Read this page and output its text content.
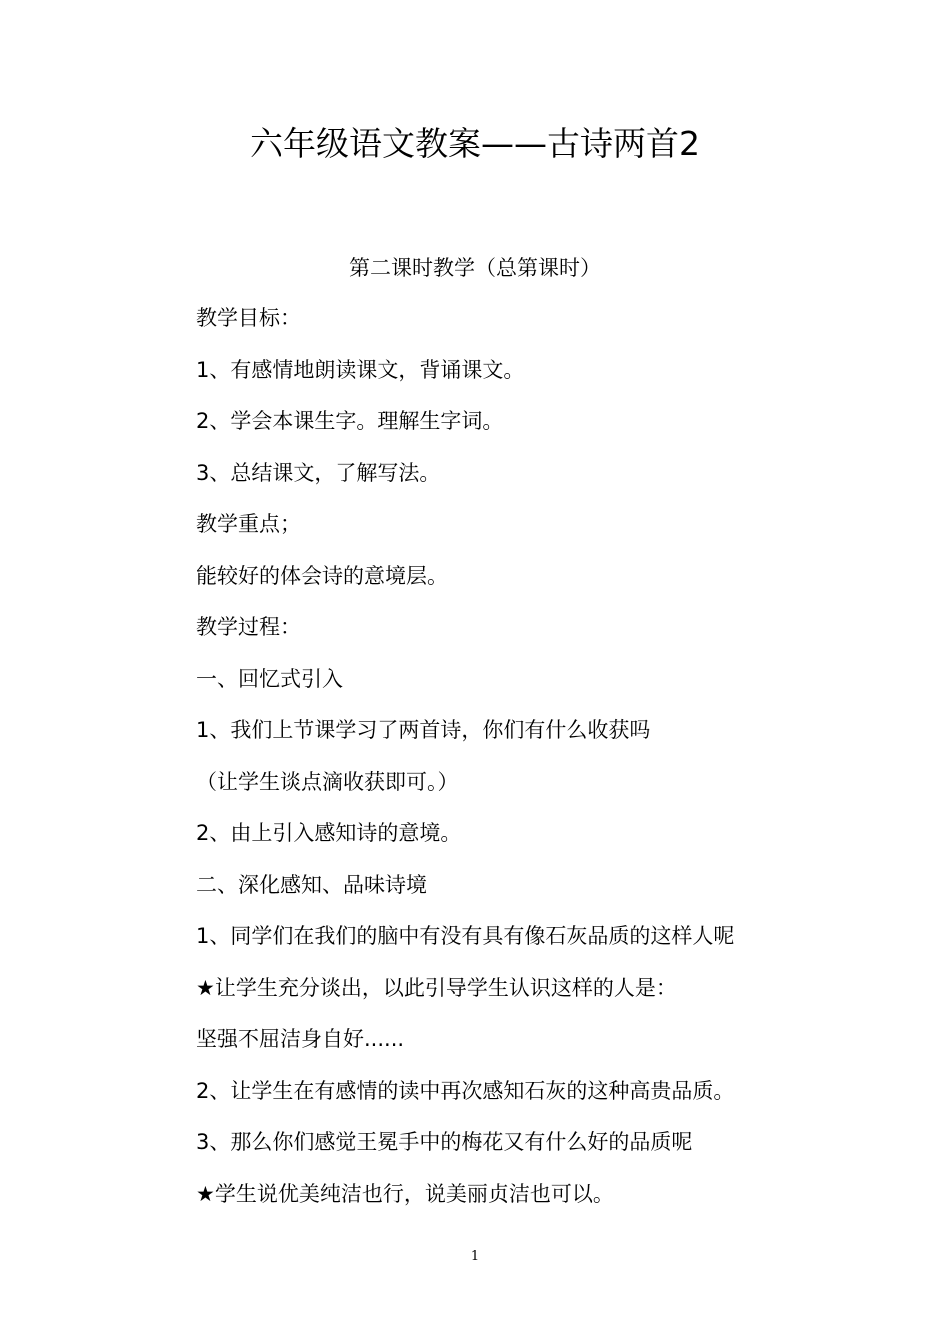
六年级语文教案——古诗两首2
第二课时教学（总第课时）
教学目标：
1、有感情地朗读课文，背诵课文。
2、学会本课生字。理解生字词。
3、总结课文，了解写法。
教学重点；
能较好的体会诗的意境层。
教学过程：
一、回忆式引入
1、我们上节课学习了两首诗，你们有什么收获吗
（让学生谈点滴收获即可。）
2、由上引入感知诗的意境。
二、深化感知、品味诗境
1、同学们在我们的脑中有没有具有像石灰品质的这样人呢
★让学生充分谈出，以此引导学生认识这样的人是：
坚强不屈洁身自好......
2、让学生在有感情的读中再次感知石灰的这种高贵品质。
3、那么你们感觉王冕手中的梅花又有什么好的品质呢
★学生说优美纯洁也行，说美丽贞洁也可以。
1
